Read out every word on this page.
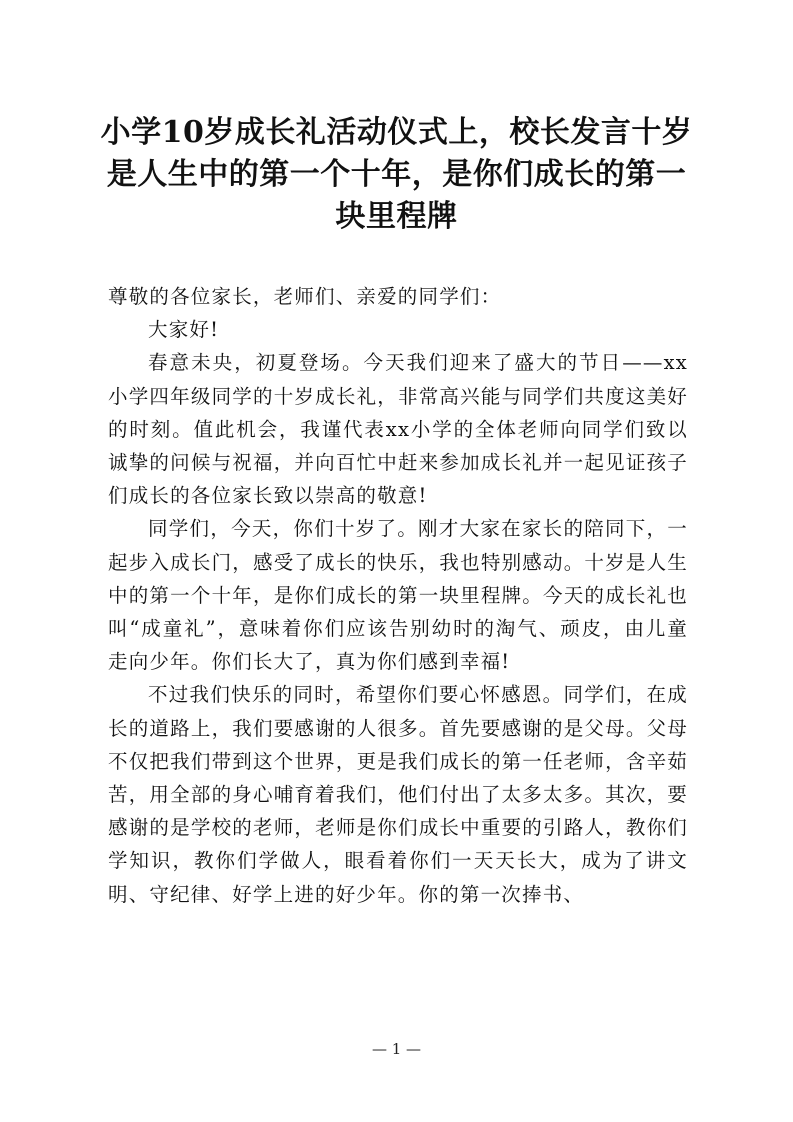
小学10岁成长礼活动仪式上，校长发言十岁是人生中的第一个十年，是你们成长的第一块里程牌

尊敬的各位家长，老师们、亲爱的同学们：

大家好!

春意未央，初夏登场。今天我们迎来了盛大的节日——xx小学四年级同学的十岁成长礼，非常高兴能与同学们共度这美好的时刻。值此机会，我谨代表xx小学的全体老师向同学们致以诚挚的问候与祝福，并向百忙中赶来参加成长礼并一起见证孩子们成长的各位家长致以崇高的敬意!

同学们，今天，你们十岁了。刚才大家在家长的陪同下，一起步入成长门，感受了成长的快乐，我也特别感动。十岁是人生中的第一个十年，是你们成长的第一块里程牌。今天的成长礼也叫“成童礼”，意味着你们应该告别幼时的淘气、顽皮，由儿童走向少年。你们长大了，真为你们感到幸福!

不过我们快乐的同时，希望你们要心怀感恩。同学们，在成长的道路上，我们要感谢的人很多。首先要感谢的是父母。父母不仅把我们带到这个世界，更是我们成长的第一任老师，含辛茹苦，用全部的身心哺育着我们，他们付出了太多太多。其次，要感谢的是学校的老师，老师是你们成长中重要的引路人，教你们学知识，教你们学做人，眼看着你们一天天长大，成为了讲文明、守纪律、好学上进的好少年。你的第一次捧书、

— 1 —
